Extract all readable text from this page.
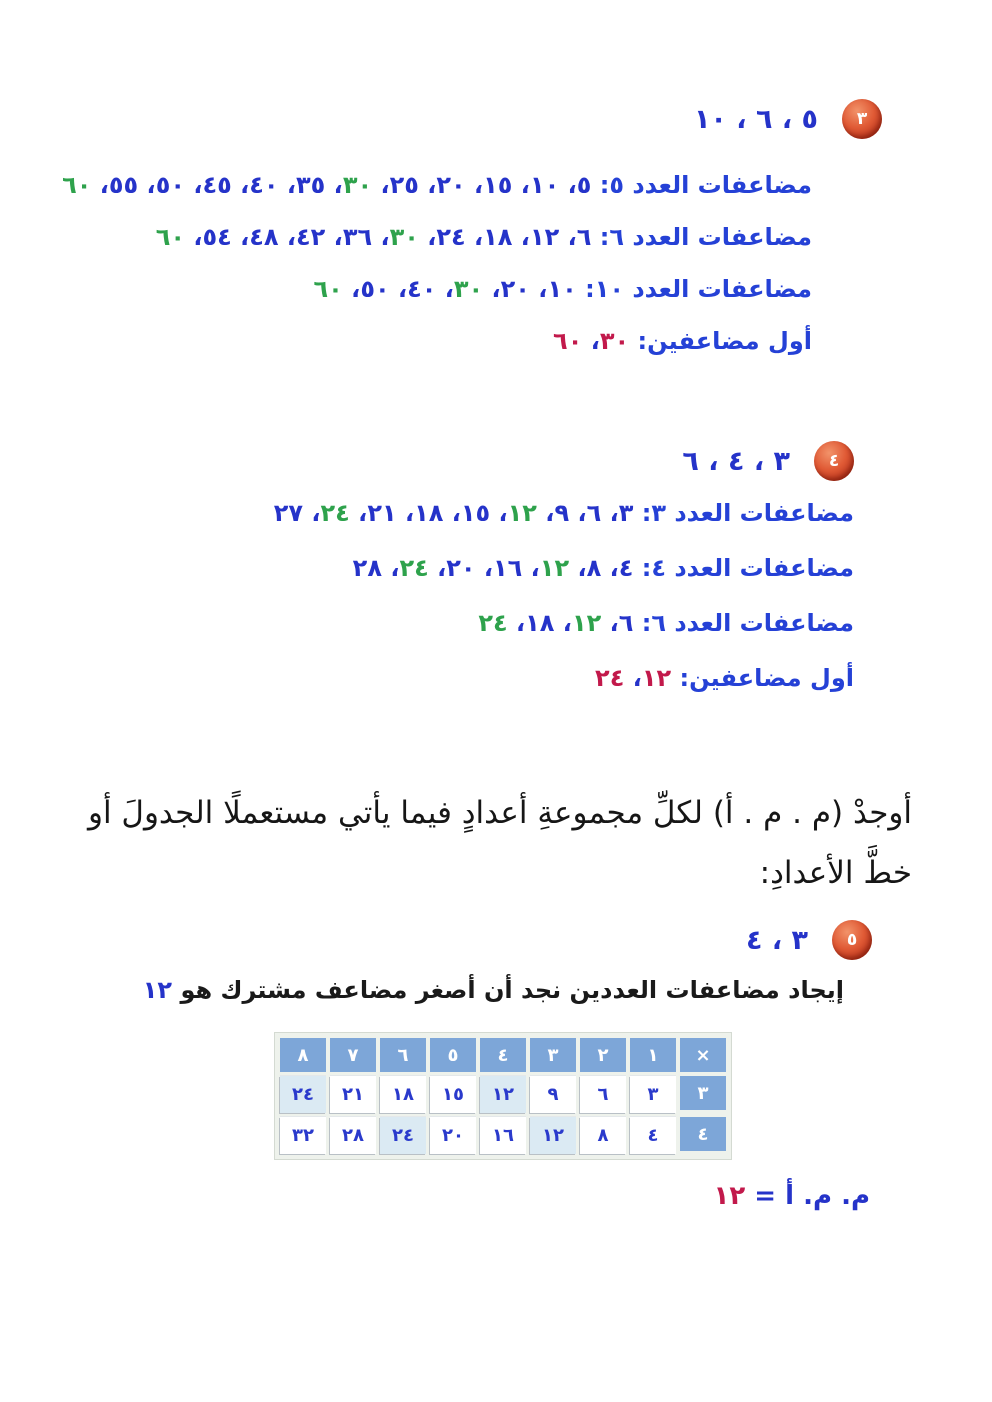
٣
٥ ، ٦ ، ١٠
مضاعفات العدد ٥: ٥، ١٠، ١٥، ٢٠، ٢٥، ٣٠، ٣٥، ٤٠، ٤٥، ٥٠، ٥٥، ٦٠
مضاعفات العدد ٦: ٦، ١٢، ١٨، ٢٤، ٣٠، ٣٦، ٤٢، ٤٨، ٥٤، ٦٠
مضاعفات العدد ١٠: ١٠، ٢٠، ٣٠، ٤٠، ٥٠، ٦٠
أول مضاعفين: ٣٠، ٦٠
٤
٣ ، ٤ ، ٦
مضاعفات العدد ٣: ٣، ٦، ٩، ١٢، ١٥، ١٨، ٢١، ٢٤، ٢٧
مضاعفات العدد ٤: ٤، ٨، ١٢، ١٦، ٢٠، ٢٤، ٢٨
مضاعفات العدد ٦: ٦، ١٢، ١٨، ٢٤
أول مضاعفين: ١٢، ٢٤

أوجدْ (م . م . أ) لكلِّ مجموعةِ أعدادٍ فيما يأتي مستعملًا الجدولَ أو خطَّ الأعدادِ:

٥
٣ ، ٤

إيجاد مضاعفات العددين نجد أن أصغر مضاعف مشترك هو ١٢

×
١
٢
٣
٤
٥
٦
٧
٨
٣
٣
٦
٩
١٢
١٥
١٨
٢١
٢٤
٤
٤
٨
١٢
١٦
٢٠
٢٤
٢٨
٣٢

م. م. أ = ١٢
